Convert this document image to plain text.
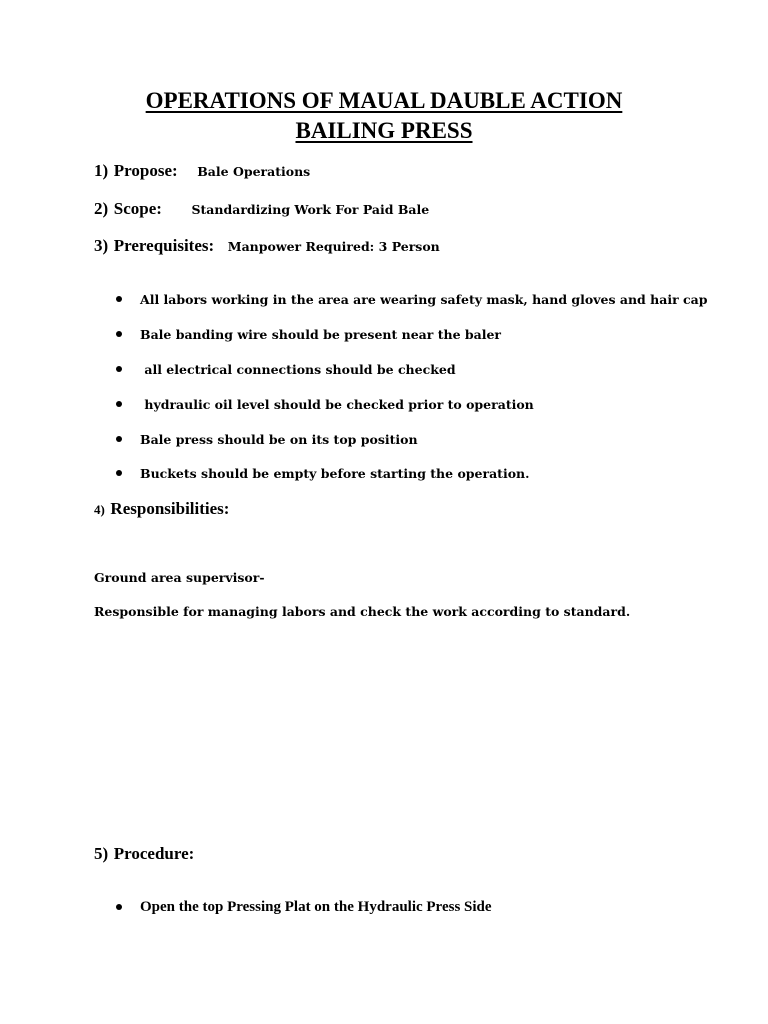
OPERATIONS OF MAUAL DAUBLE ACTION
BAILING PRESS
1) Propose: Bale Operations
2) Scope: Standardizing Work For Paid Bale
3) Prerequisites: Manpower Required: 3 Person
All labors working in the area are wearing safety mask, hand gloves and hair cap
Bale banding wire should be present near the baler
all electrical connections should be checked
hydraulic oil level should be checked prior to operation
Bale press should be on its top position
Buckets should be empty before starting the operation.
4) Responsibilities:
Ground area supervisor-
Responsible for managing labors and check the work according to standard.
5) Procedure:
Open the top Pressing Plat on the Hydraulic Press Side
